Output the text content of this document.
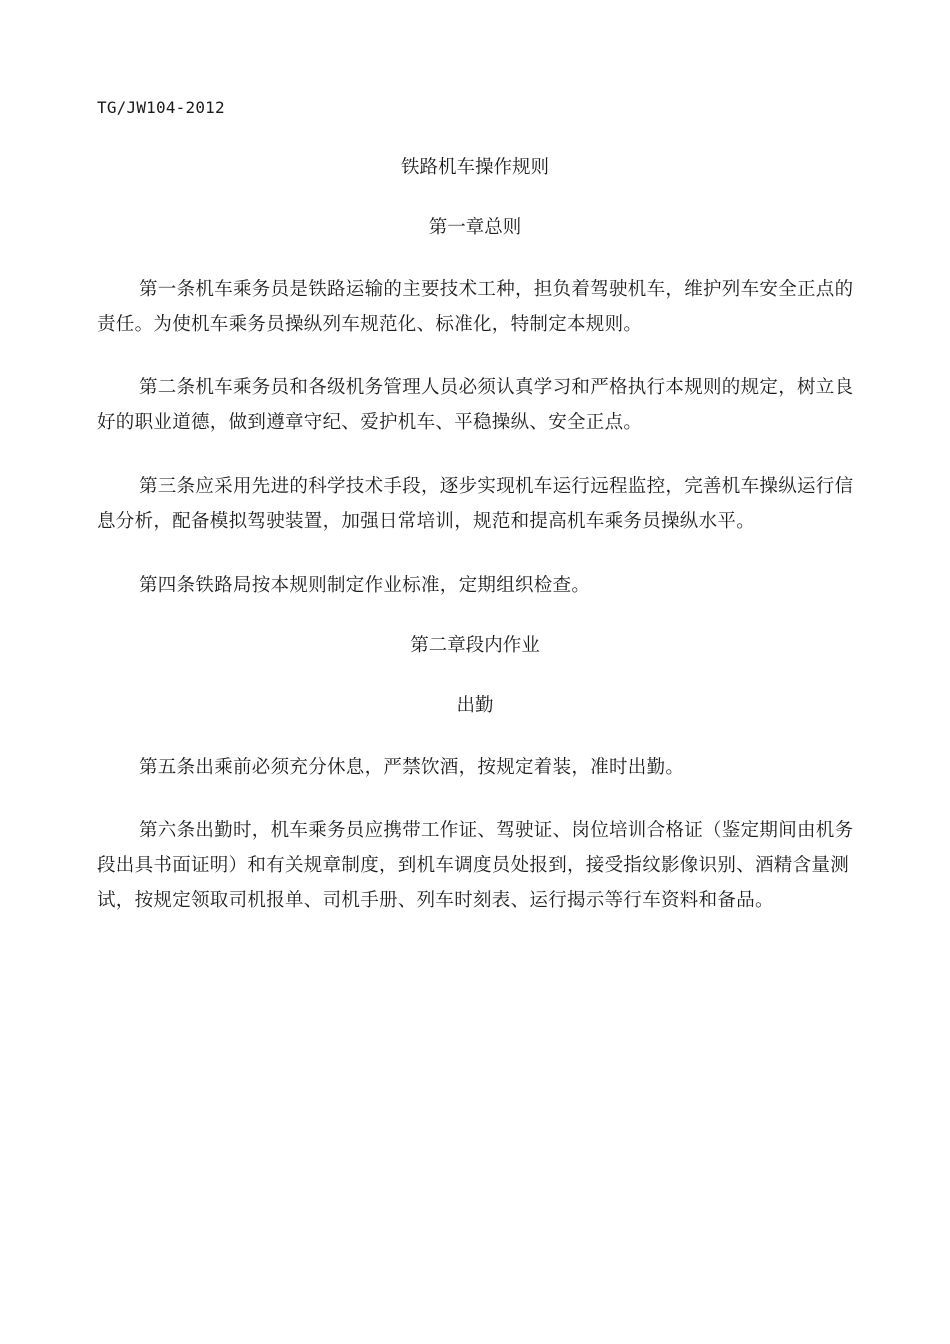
TG/JW104-2012
铁路机车操作规则
第一章总则
第一条机车乘务员是铁路运输的主要技术工种，担负着驾驶机车，维护列车安全正点的责任。为使机车乘务员操纵列车规范化、标准化，特制定本规则。
第二条机车乘务员和各级机务管理人员必须认真学习和严格执行本规则的规定，树立良好的职业道德，做到遵章守纪、爱护机车、平稳操纵、安全正点。
第三条应采用先进的科学技术手段，逐步实现机车运行远程监控，完善机车操纵运行信息分析，配备模拟驾驶装置，加强日常培训，规范和提高机车乘务员操纵水平。
第四条铁路局按本规则制定作业标准，定期组织检查。
第二章段内作业
出勤
第五条出乘前必须充分休息，严禁饮酒，按规定着装，准时出勤。
第六条出勤时，机车乘务员应携带工作证、驾驶证、岗位培训合格证（鉴定期间由机务段出具书面证明）和有关规章制度，到机车调度员处报到，接受指纹影像识别、酒精含量测试，按规定领取司机报单、司机手册、列车时刻表、运行揭示等行车资料和备品。
